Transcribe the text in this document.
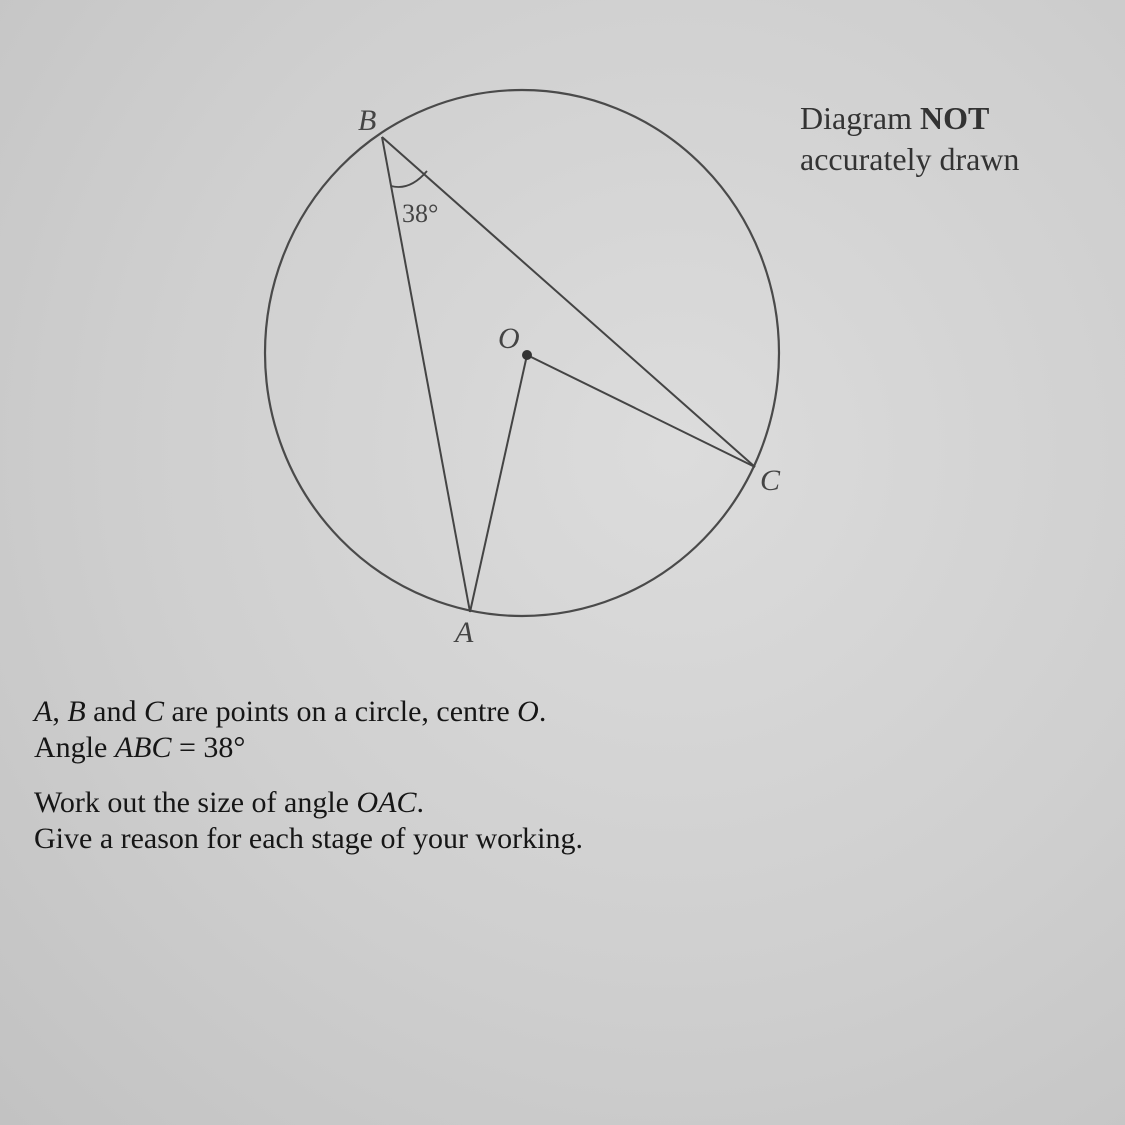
B
O
C
A
38°
Diagram NOT
accurately drawn
A, B and C are points on a circle, centre O.
Angle ABC = 38°
Work out the size of angle OAC.
Give a reason for each stage of your working.
